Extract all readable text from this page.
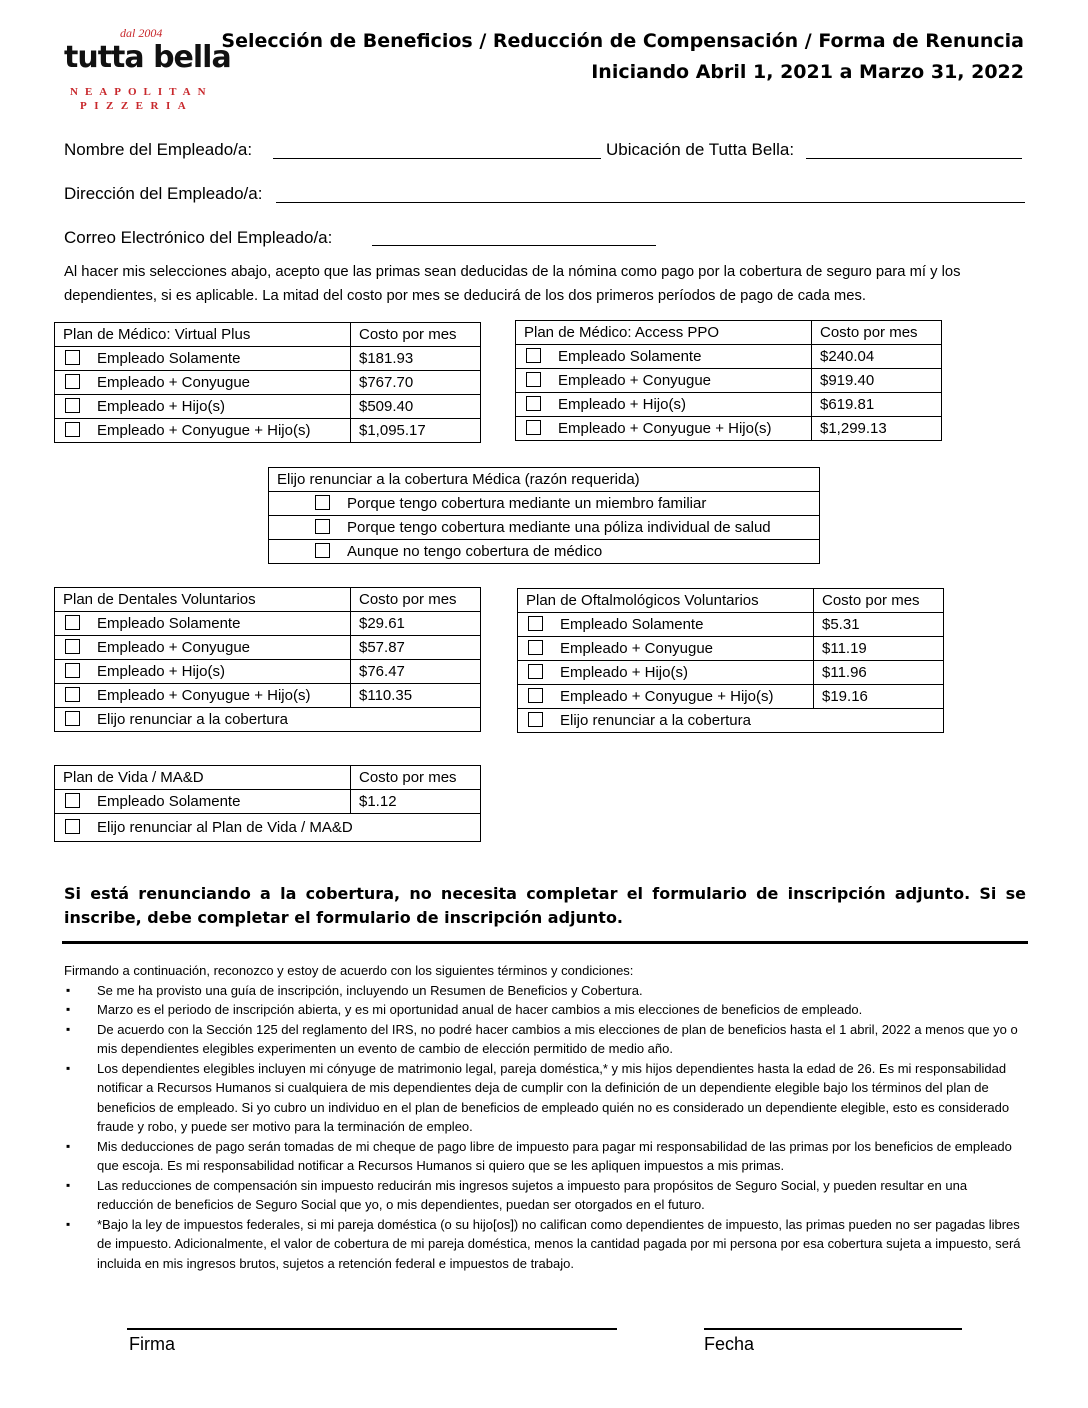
dal 2004
tutta bella
NEAPOLITAN
PIZZERIA
Selección de Beneficios / Reducción de Compensación / Forma de Renuncia
Iniciando Abril 1, 2021 a Marzo 31, 2022
Nombre del Empleado/a:	Ubicación de Tutta Bella:
Dirección del Empleado/a:
Correo Electrónico del Empleado/a:
Al hacer mis selecciones abajo, acepto que las primas sean deducidas de la nómina como pago por la cobertura de seguro para mí y los dependientes, si es aplicable. La mitad del costo por mes se deducirá de los dos primeros períodos de pago de cada mes.
Plan de Médico: Virtual Plus	Costo por mes
Empleado Solamente	$181.93
Empleado + Conyugue	$767.70
Empleado + Hijo(s)	$509.40
Empleado + Conyugue + Hijo(s)	$1,095.17
Plan de Médico: Access PPO	Costo por mes
Empleado Solamente	$240.04
Empleado + Conyugue	$919.40
Empleado + Hijo(s)	$619.81
Empleado + Conyugue + Hijo(s)	$1,299.13
Elijo renunciar a la cobertura Médica (razón requerida)
Porque tengo cobertura mediante un miembro familiar
Porque tengo cobertura mediante una póliza individual de salud
Aunque no tengo cobertura de médico
Plan de Dentales Voluntarios	Costo por mes
Empleado Solamente	$29.61
Empleado + Conyugue	$57.87
Empleado + Hijo(s)	$76.47
Empleado + Conyugue + Hijo(s)	$110.35
Elijo renunciar a la cobertura	
Plan de Oftalmológicos Voluntarios	Costo por mes
Empleado Solamente	$5.31
Empleado + Conyugue	$11.19
Empleado + Hijo(s)	$11.96
Empleado + Conyugue + Hijo(s)	$19.16
Elijo renunciar a la cobertura	
Plan de Vida / MA&D	Costo por mes
Empleado Solamente	$1.12
Elijo renunciar al Plan de Vida / MA&D	
Si está renunciando a la cobertura, no necesita completar el formulario de inscripción adjunto. Si se inscribe, debe completar el formulario de inscripción adjunto.
Firmando a continuación, reconozco y estoy de acuerdo con los siguientes términos y condiciones:
▪ Se me ha provisto una guía de inscripción, incluyendo un Resumen de Beneficios y Cobertura.
▪ Marzo es el periodo de inscripción abierta, y es mi oportunidad anual de hacer cambios a mis elecciones de beneficios de empleado.
▪ De acuerdo con la Sección 125 del reglamento del IRS, no podré hacer cambios a mis elecciones de plan de beneficios hasta el 1 abril, 2022 a menos que yo o mis dependientes elegibles experimenten un evento de cambio de elección permitido de medio año.
▪ Los dependientes elegibles incluyen mi cónyuge de matrimonio legal, pareja doméstica,* y mis hijos dependientes hasta la edad de 26. Es mi responsabilidad notificar a Recursos Humanos si cualquiera de mis dependientes deja de cumplir con la definición de un dependiente elegible bajo los términos del plan de beneficios de empleado. Si yo cubro un individuo en el plan de beneficios de empleado quién no es considerado un dependiente elegible, esto es considerado fraude y robo, y puede ser motivo para la terminación de empleo.
▪ Mis deducciones de pago serán tomadas de mi cheque de pago libre de impuesto para pagar mi responsabilidad de las primas por los beneficios de empleado que escoja. Es mi responsabilidad notificar a Recursos Humanos si quiero que se les apliquen impuestos a mis primas.
▪ Las reducciones de compensación sin impuesto reducirán mis ingresos sujetos a impuesto para propósitos de Seguro Social, y pueden resultar en una reducción de beneficios de Seguro Social que yo, o mis dependientes, puedan ser otorgados en el futuro.
▪ *Bajo la ley de impuestos federales, si mi pareja doméstica (o su hijo[os]) no califican como dependientes de impuesto, las primas pueden no ser pagadas libres de impuesto. Adicionalmente, el valor de cobertura de mi pareja doméstica, menos la cantidad pagada por mi persona por esa cobertura sujeta a impuesto, será incluida en mis ingresos brutos, sujetos a retención federal e impuestos de trabajo.
Firma	Fecha
